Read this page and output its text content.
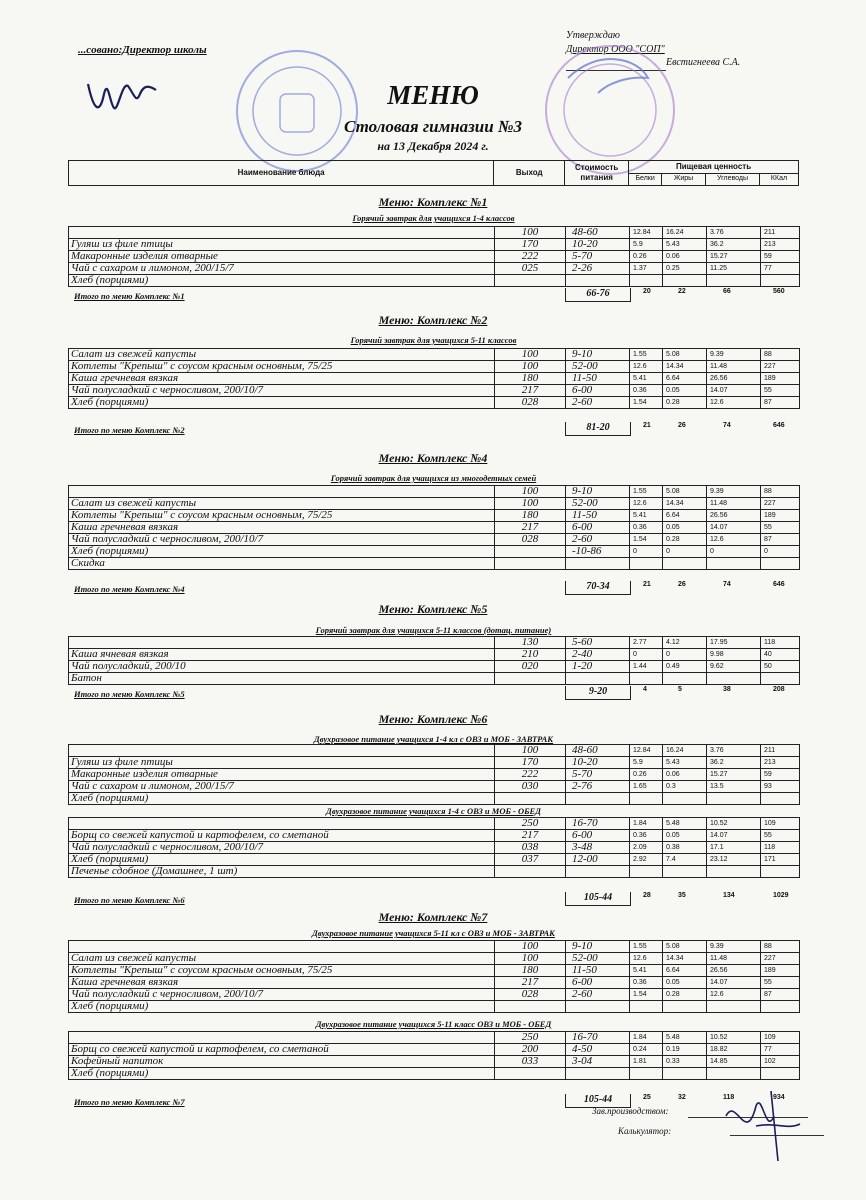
...сoвано:Директор школы
Утверждаю
Директор ООО "СОП"
Евстигнеева С.А.
МЕНЮ
Столовая гимназии №3
на 13 Декабря 2024 г.
Наименование блюда	Выход	Стоимость питания	Пищевая ценность			
			Белки	Жиры	Углеводы	ККал
Меню: Комплекс №1
Горячий завтрак для учащихся 1-4 классов
	100	48-60	12.84	16.24	3.76	211
Гуляш из филе птицы	170	10-20	5.9	5.43	36.2	213
Макаронные изделия отварные	222	5-70	0.26	0.06	15.27	59
Чай с сахаром и лимоном, 200/15/7	025	2-26	1.37	0.25	11.25	77
Хлеб (порциями)						
Итого по меню Комплекс №1	66-76	20	22	66	560
Меню: Комплекс №2
Горячий завтрак для учащихся 5-11 классов
Салат из свежей капусты	100	9-10	1.55	5.08	9.39	88
Котлеты "Крепыш" с соусом красным основным, 75/25	100	52-00	12.6	14.34	11.48	227
Каша гречневая вязкая	180	11-50	5.41	6.64	26.56	189
Чай полусладкий с черносливом, 200/10/7	217	6-00	0.36	0.05	14.07	55
Хлеб (порциями)	028	2-60	1.54	0.28	12.6	87
Итого по меню Комплекс №2	81-20	21	26	74	646
Меню: Комплекс №4
Горячий завтрак для учащихся из многодетных семей
	100	9-10	1.55	5.08	9.39	88
Салат из свежей капусты	100	52-00	12.6	14.34	11.48	227
Котлеты "Крепыш" с соусом красным основным, 75/25	180	11-50	5.41	6.64	26.56	189
Каша гречневая вязкая	217	6-00	0.36	0.05	14.07	55
Чай полусладкий с черносливом, 200/10/7	028	2-60	1.54	0.28	12.6	87
Хлеб (порциями)		-10-86	0	0	0	0
Скидка						
Итого по меню Комплекс №4	70-34	21	26	74	646
Меню: Комплекс №5
Горячий завтрак для учащихся 5-11 классов (дотац. питание)
	130	5-60	2.77	4.12	17.95	118
Каша ячневая вязкая	210	2-40	0	0	9.98	40
Чай полусладкий, 200/10	020	1-20	1.44	0.49	9.62	50
Батон						
Итого по меню Комплекс №5	9-20	4	5	38	208
Меню: Комплекс №6
Двухразовое питание учащихся 1-4 кл с ОВЗ и МОБ - ЗАВТРАК
	100	48-60	12.84	16.24	3.76	211
Гуляш из филе птицы	170	10-20	5.9	5.43	36.2	213
Макаронные изделия отварные	222	5-70	0.26	0.06	15.27	59
Чай с сахаром и лимоном, 200/15/7	030	2-76	1.65	0.3	13.5	93
Хлеб (порциями)						
Двухразовое питание учащихся 1-4 с ОВЗ и МОБ - ОБЕД
	250	16-70	1.84	5.48	10.52	109
Борщ со свежей капустой и картофелем, со сметаной	217	6-00	0.36	0.05	14.07	55
Чай полусладкий с черносливом, 200/10/7	038	3-48	2.09	0.38	17.1	118
Хлеб (порциями)	037	12-00	2.92	7.4	23.12	171
Печенье сдобное (Домашнее, 1 шт)						
Итого по меню Комплекс №6	105-44	28	35	134	1029
Меню: Комплекс №7
Двухразовое питание учащихся 5-11 кл с ОВЗ и МОБ - ЗАВТРАК
	100	9-10	1.55	5.08	9.39	88
Салат из свежей капусты	100	52-00	12.6	14.34	11.48	227
Котлеты "Крепыш" с соусом красным основным, 75/25	180	11-50	5.41	6.64	26.56	189
Каша гречневая вязкая	217	6-00	0.36	0.05	14.07	55
Чай полусладкий с черносливом, 200/10/7	028	2-60	1.54	0.28	12.6	87
Хлеб (порциями)						
Двухразовое питание учащихся 5-11 класс ОВЗ и МОБ - ОБЕД
	250	16-70	1.84	5.48	10.52	109
Борщ со свежей капустой и картофелем, со сметаной	200	4-50	0.24	0.19	18.82	77
Кофейный напиток	033	3-04	1.81	0.33	14.85	102
Хлеб (порциями)						
Итого по меню Комплекс №7	105-44	25	32	118	934
Зав.производством:
Калькулятор:
